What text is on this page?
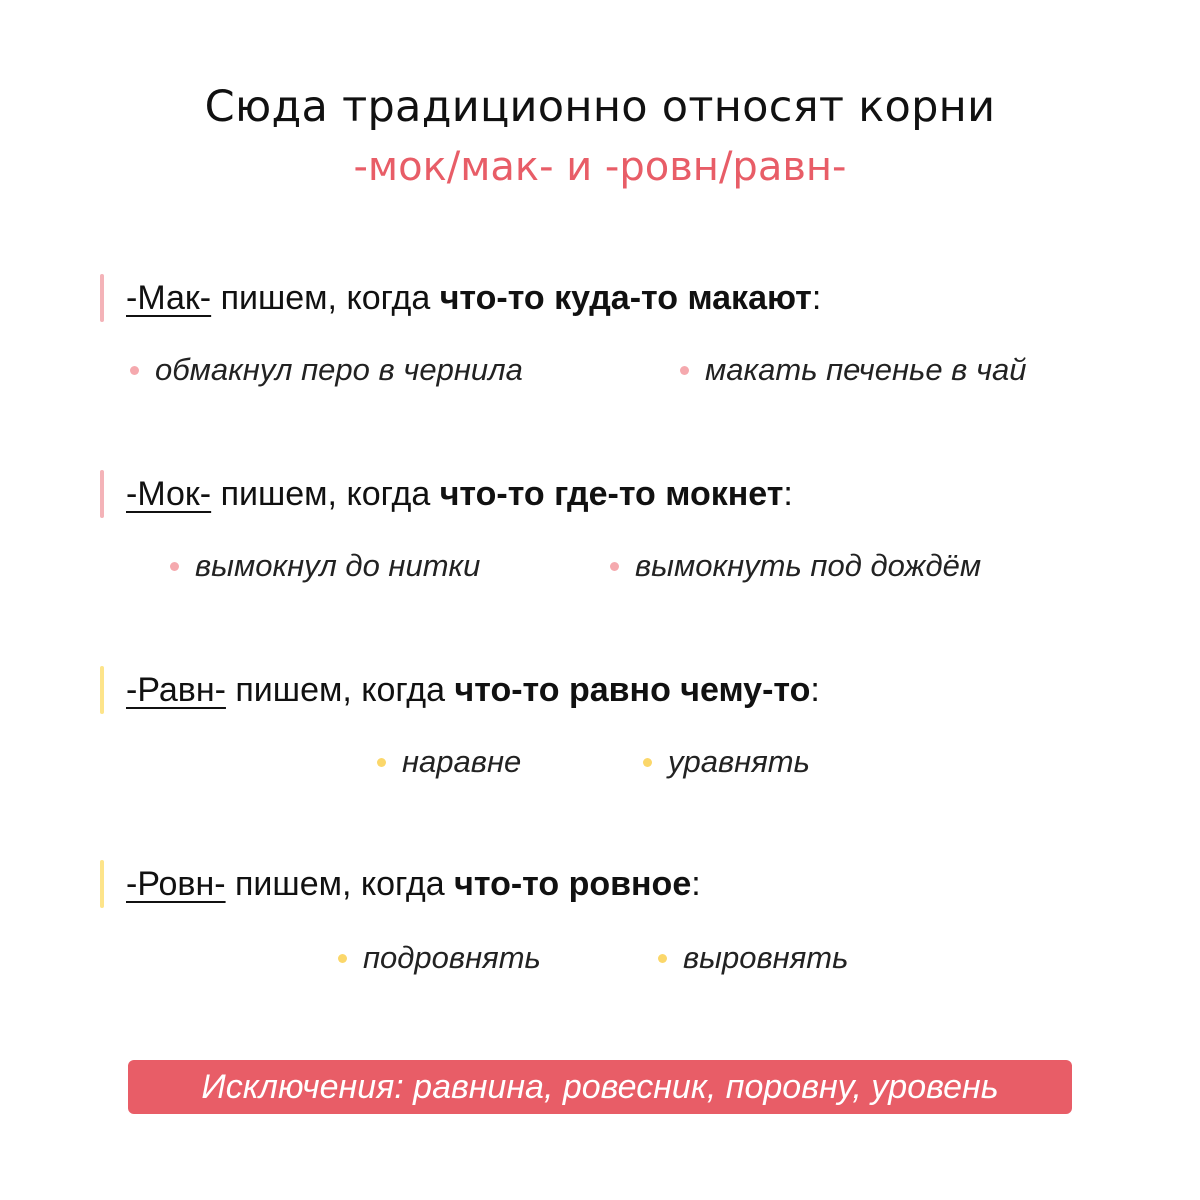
Сюда традиционно относят корни
-мок/мак- и -ровн/равн-
-Мак- пишем, когда что-то куда-то макают:
обмакнул перо в чернила	макать печенье в чай
-Мок- пишем, когда что-то где-то мокнет:
вымокнул до нитки	вымокнуть под дождём
-Равн- пишем, когда что-то равно чему-то:
наравне	уравнять
-Ровн- пишем, когда что-то ровное:
подровнять	выровнять
Исключения: равнина, ровесник, поровну, уровень
